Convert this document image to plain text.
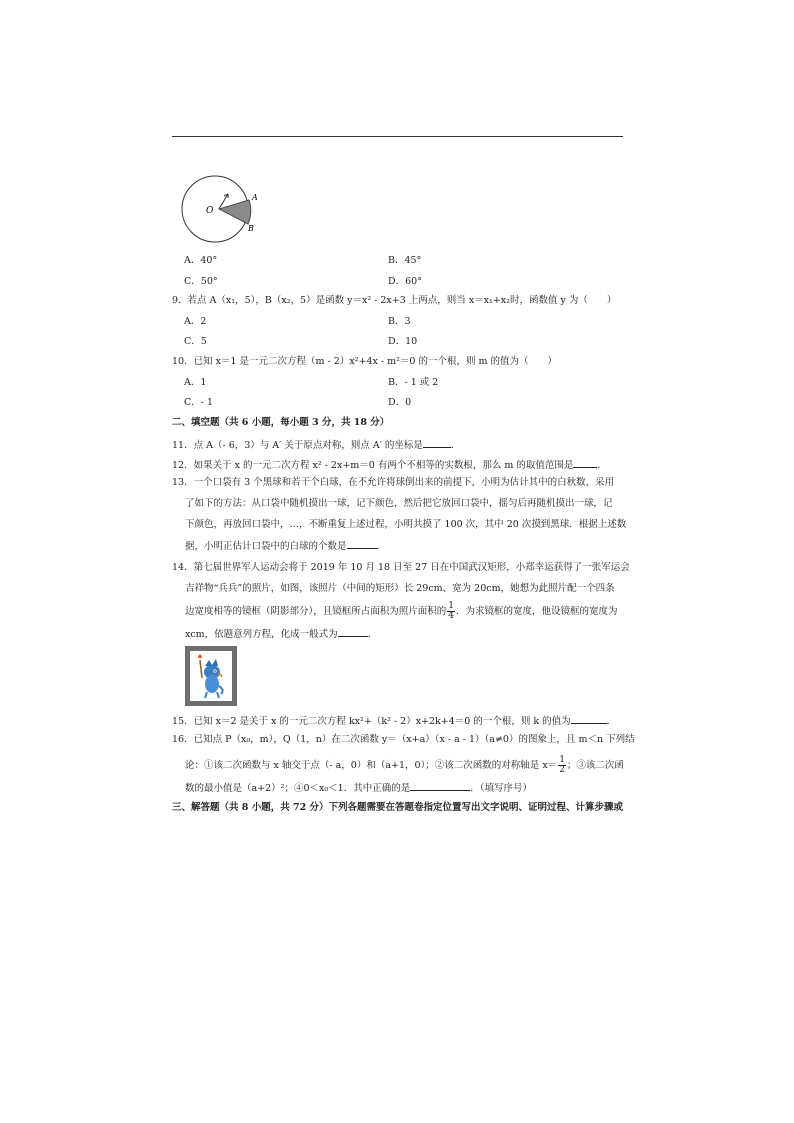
O
A
B
A．40°	B．45°
C．50°	D．60°
9．若点 A（x₁，5），B（x₂，5）是函数 y＝x² - 2x+3 上两点，则当 x＝x₁+x₂时，函数值 y 为（　　）
A．2	B．3
C．5	D．10
10．已知 x＝1 是一元二次方程（m - 2）x²+4x - m²＝0 的一个根，则 m 的值为（　　）
A．1	B．- 1 或 2
C．- 1	D．0
二、填空题（共 6 小题，每小题 3 分，共 18 分）
11．点 A（- 6，3）与 A′ 关于原点对称，则点 A′ 的坐标是	．
12．如果关于 x 的一元二次方程 x² - 2x+m＝0 有两个不相等的实数根，那么 m 的取值范围是	．
13．一个口袋有 3 个黑球和若干个白球，在不允许将球倒出来的前提下，小明为估计其中的白秋数，采用
了如下的方法：从口袋中随机摸出一球，记下颜色，然后把它放回口袋中，摇匀后再随机摸出一球，记
下颜色，再放回口袋中，…，不断重复上述过程，小明共摸了 100 次，其中 20 次摸到黑球．根据上述数
据，小明正估计口袋中的白球的个数是	．
14．第七届世界军人运动会将于 2019 年 10 月 18 日至 27 日在中国武汉矩形，小郑幸运获得了一张军运会
吉祥物“兵兵”的照片，如图，该照片（中间的矩形）长 29cm、宽为 20cm，她想为此照片配一个四条
边宽度相等的镜框（阴影部分），且镜框所占面积为照片面积的 $\frac{1}{4}$ ．为求镜框的宽度，他设镜框的宽度为
xcm，依题意列方程，化成一般式为	．
15．已知 x＝2 是关于 x 的一元二次方程 kx²+（k² - 2）x+2k+4＝0 的一个根，则 k 的值为	．
16．已知点 P（x₀，m），Q（1，n）在二次函数 y＝（x+a）（x - a - 1）（a≠0）的图象上，且 m＜n 下列结
论：①该二次函数与 x 轴交于点（- a，0）和（a+1，0）；②该二次函数的对称轴是 $x= \frac{1}{2}$ ；③该二次函
数的最小值是（a+2）²；④0＜x₀＜1．其中正确的是	．（填写序号）
三、解答题（共 8 小题，共 72 分）下列各题需要在答题卷指定位置写出文字说明、证明过程、计算步骤或
